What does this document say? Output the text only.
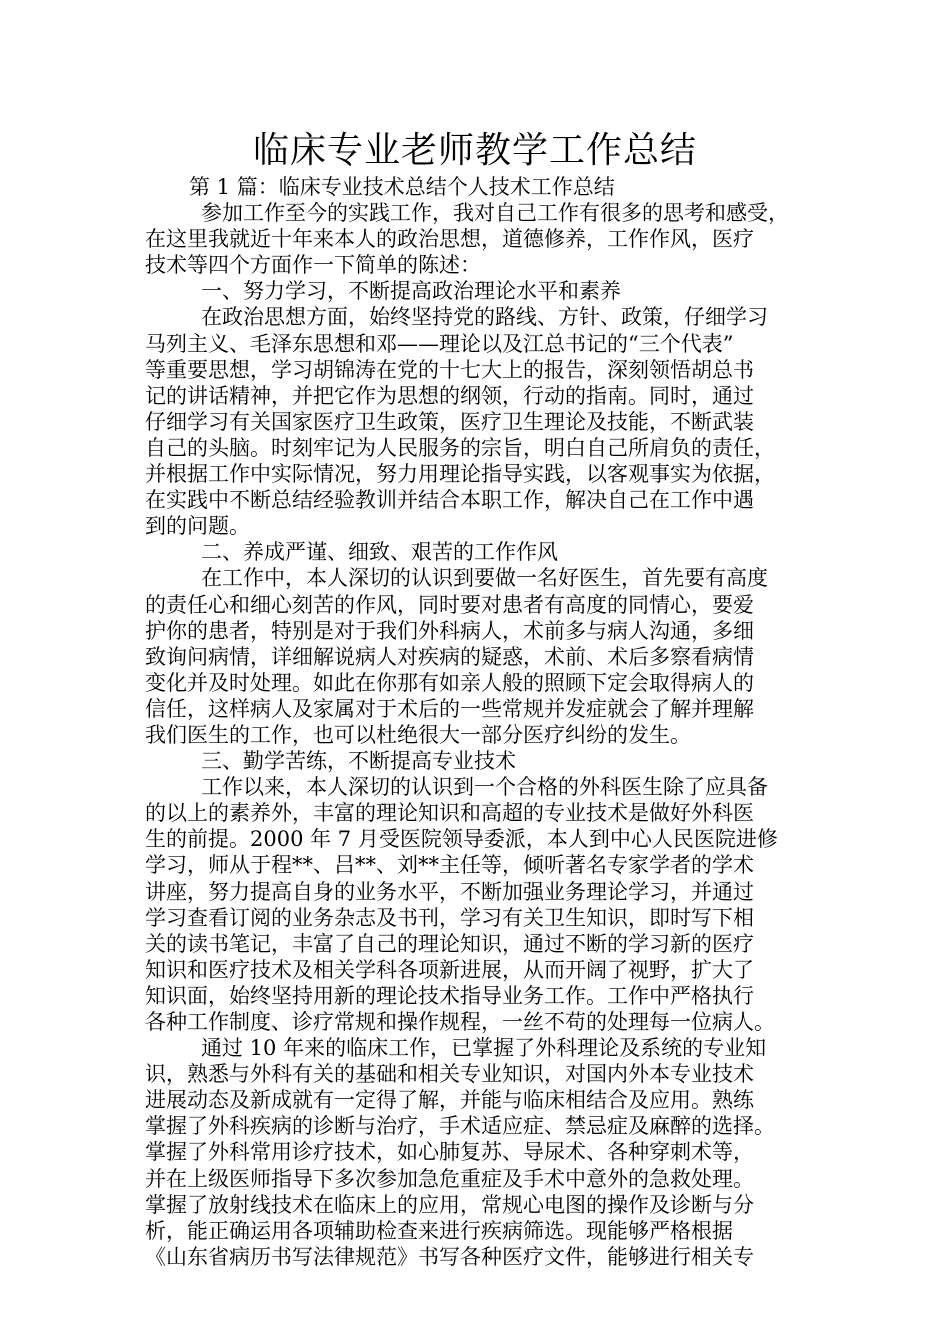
临床专业老师教学工作总结

第 1 篇：临床专业技术总结个人技术工作总结

参加工作至今的实践工作，我对自己工作有很多的思考和感受，

在这里我就近十年来本人的政治思想，道德修养，工作作风，医疗

技术等四个方面作一下简单的陈述：

一、努力学习，不断提高政治理论水平和素养

在政治思想方面，始终坚持党的路线、方针、政策，仔细学习

马列主义、毛泽东思想和邓——理论以及江总书记的“三个代表”

等重要思想，学习胡锦涛在党的十七大上的报告，深刻领悟胡总书

记的讲话精神，并把它作为思想的纲领，行动的指南。同时，通过

仔细学习有关国家医疗卫生政策，医疗卫生理论及技能，不断武装

自己的头脑。时刻牢记为人民服务的宗旨，明白自己所肩负的责任，

并根据工作中实际情况，努力用理论指导实践，以客观事实为依据，

在实践中不断总结经验教训并结合本职工作，解决自己在工作中遇

到的问题。

二、养成严谨、细致、艰苦的工作作风

在工作中，本人深切的认识到要做一名好医生，首先要有高度

的责任心和细心刻苦的作风，同时要对患者有高度的同情心，要爱

护你的患者，特别是对于我们外科病人，术前多与病人沟通，多细

致询问病情，详细解说病人对疾病的疑惑，术前、术后多察看病情

变化并及时处理。如此在你那有如亲人般的照顾下定会取得病人的

信任，这样病人及家属对于术后的一些常规并发症就会了解并理解

我们医生的工作，也可以杜绝很大一部分医疗纠纷的发生。

三、勤学苦练，不断提高专业技术

工作以来，本人深切的认识到一个合格的外科医生除了应具备

的以上的素养外，丰富的理论知识和高超的专业技术是做好外科医

生的前提。2000 年 7 月受医院领导委派，本人到中心人民医院进修

学习，师从于程**、吕**、刘**主任等，倾听著名专家学者的学术

讲座，努力提高自身的业务水平，不断加强业务理论学习，并通过

学习查看订阅的业务杂志及书刊，学习有关卫生知识，即时写下相

关的读书笔记，丰富了自己的理论知识，通过不断的学习新的医疗

知识和医疗技术及相关学科各项新进展，从而开阔了视野，扩大了

知识面，始终坚持用新的理论技术指导业务工作。工作中严格执行

各种工作制度、诊疗常规和操作规程，一丝不苟的处理每一位病人。

通过 10 年来的临床工作，已掌握了外科理论及系统的专业知

识，熟悉与外科有关的基础和相关专业知识，对国内外本专业技术

进展动态及新成就有一定得了解，并能与临床相结合及应用。熟练

掌握了外科疾病的诊断与治疗，手术适应症、禁忌症及麻醉的选择。

掌握了外科常用诊疗技术，如心肺复苏、导尿术、各种穿刺术等，

并在上级医师指导下多次参加急危重症及手术中意外的急救处理。

掌握了放射线技术在临床上的应用，常规心电图的操作及诊断与分

析，能正确运用各项辅助检查来进行疾病筛选。现能够严格根据

《山东省病历书写法律规范》书写各种医疗文件，能够进行相关专
